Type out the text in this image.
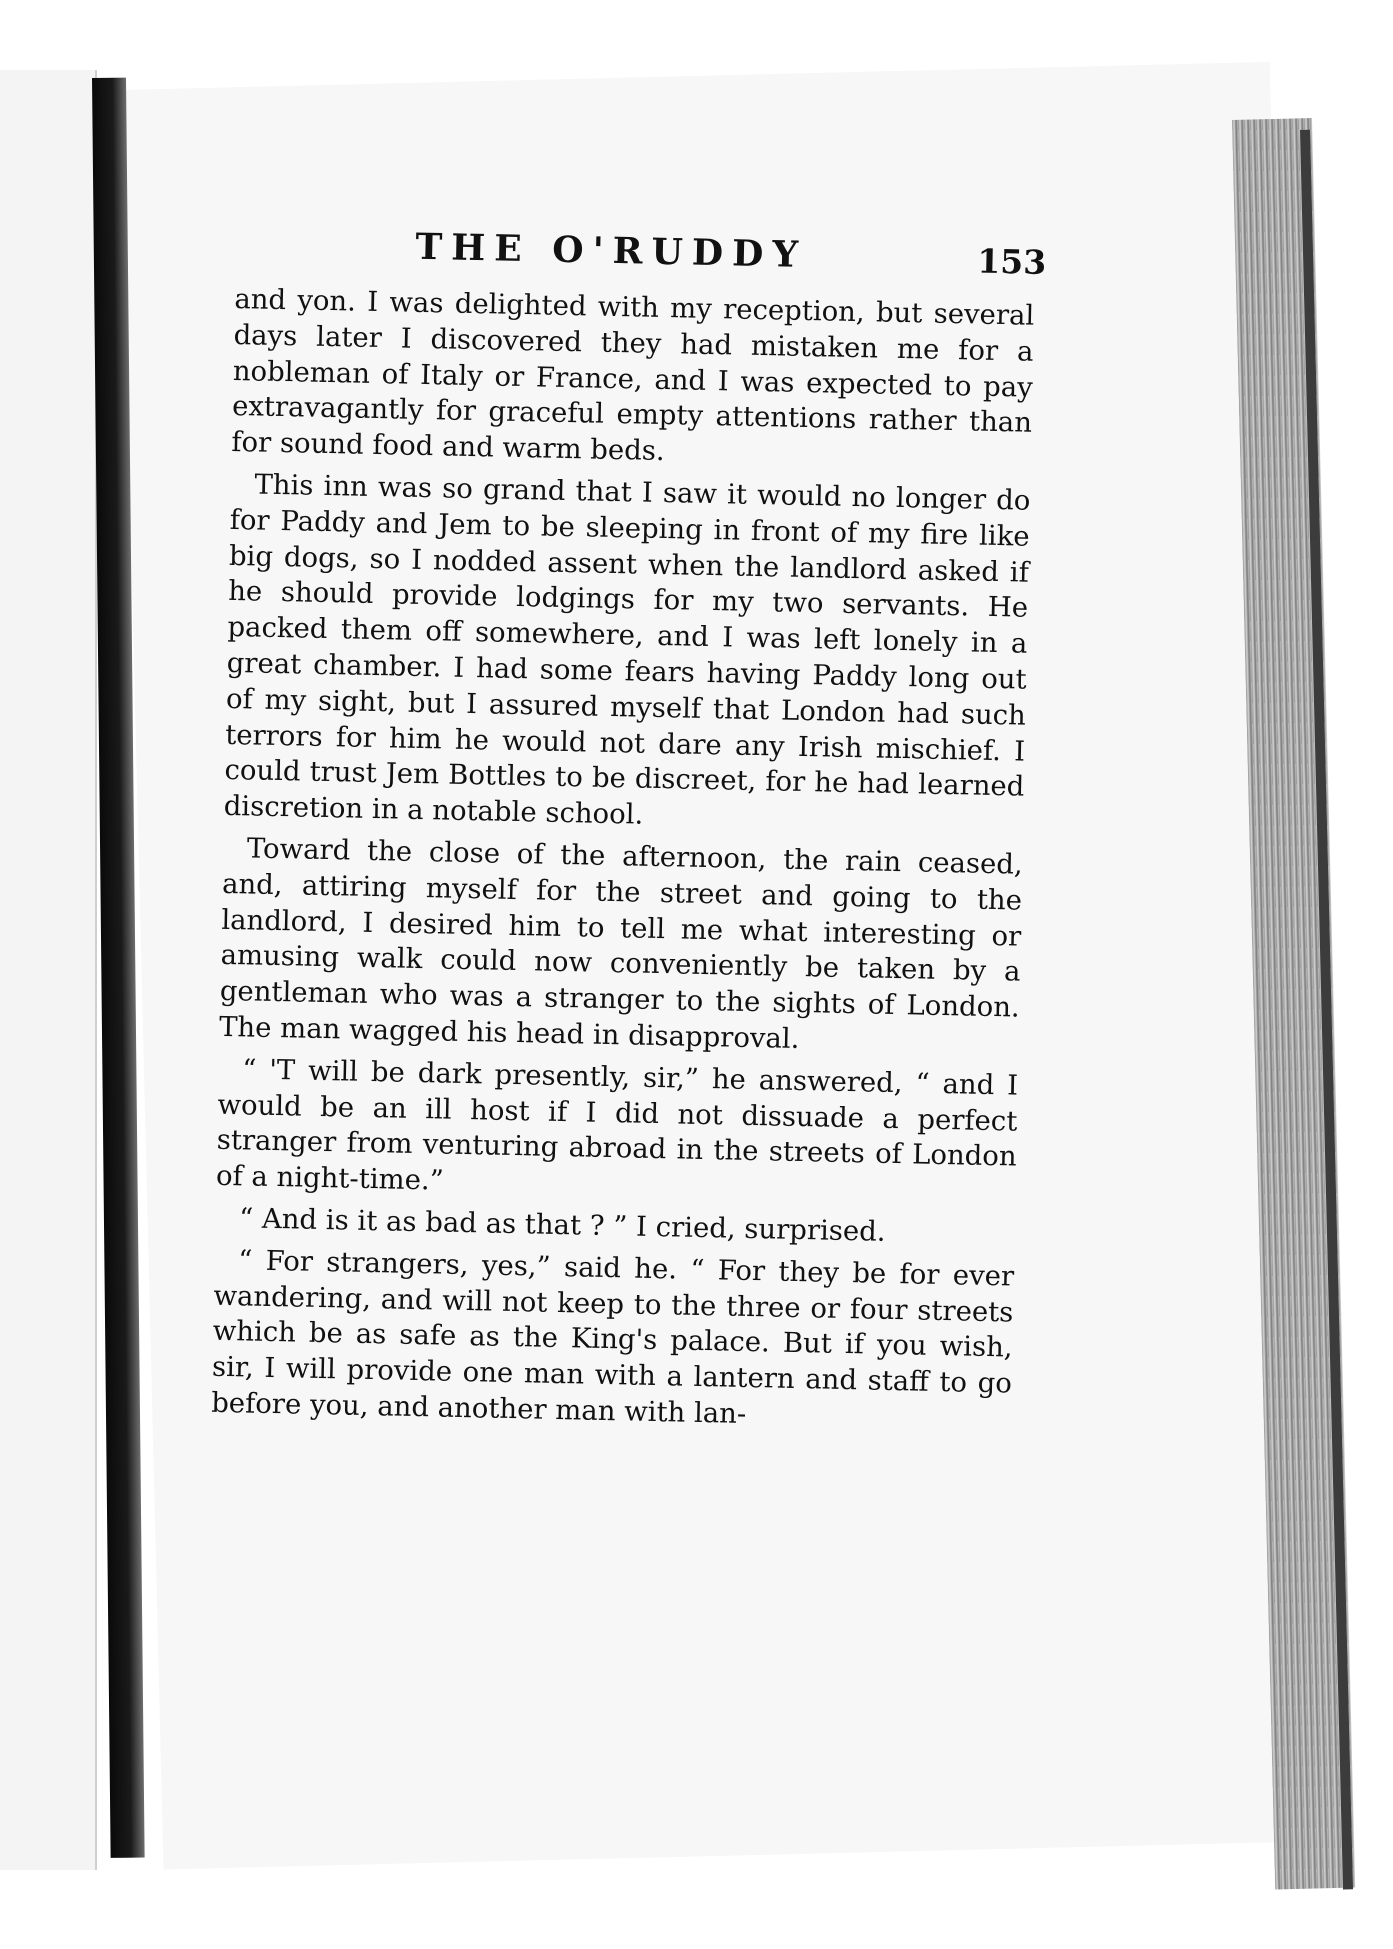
THE O'RUDDY	153

and yon. I was delighted with my reception, but several days later I discovered they had mistaken me for a nobleman of Italy or France, and I was expected to pay extravagantly for graceful empty attentions rather than for sound food and warm beds.

This inn was so grand that I saw it would no longer do for Paddy and Jem to be sleeping in front of my fire like big dogs, so I nodded assent when the landlord asked if he should provide lodgings for my two servants. He packed them off somewhere, and I was left lonely in a great chamber. I had some fears having Paddy long out of my sight, but I assured myself that London had such terrors for him he would not dare any Irish mischief. I could trust Jem Bottles to be discreet, for he had learned discretion in a notable school.

Toward the close of the afternoon, the rain ceased, and, attiring myself for the street and going to the landlord, I desired him to tell me what interesting or amusing walk could now conveniently be taken by a gentleman who was a stranger to the sights of London. The man wagged his head in disapproval.

“ 'T will be dark presently, sir,” he answered, “ and I would be an ill host if I did not dissuade a perfect stranger from venturing abroad in the streets of London of a night-time.”

“ And is it as bad as that ? ” I cried, surprised.

“ For strangers, yes,” said he. “ For they be for ever wandering, and will not keep to the three or four streets which be as safe as the King's palace. But if you wish, sir, I will provide one man with a lantern and staff to go before you, and another man with lan-
